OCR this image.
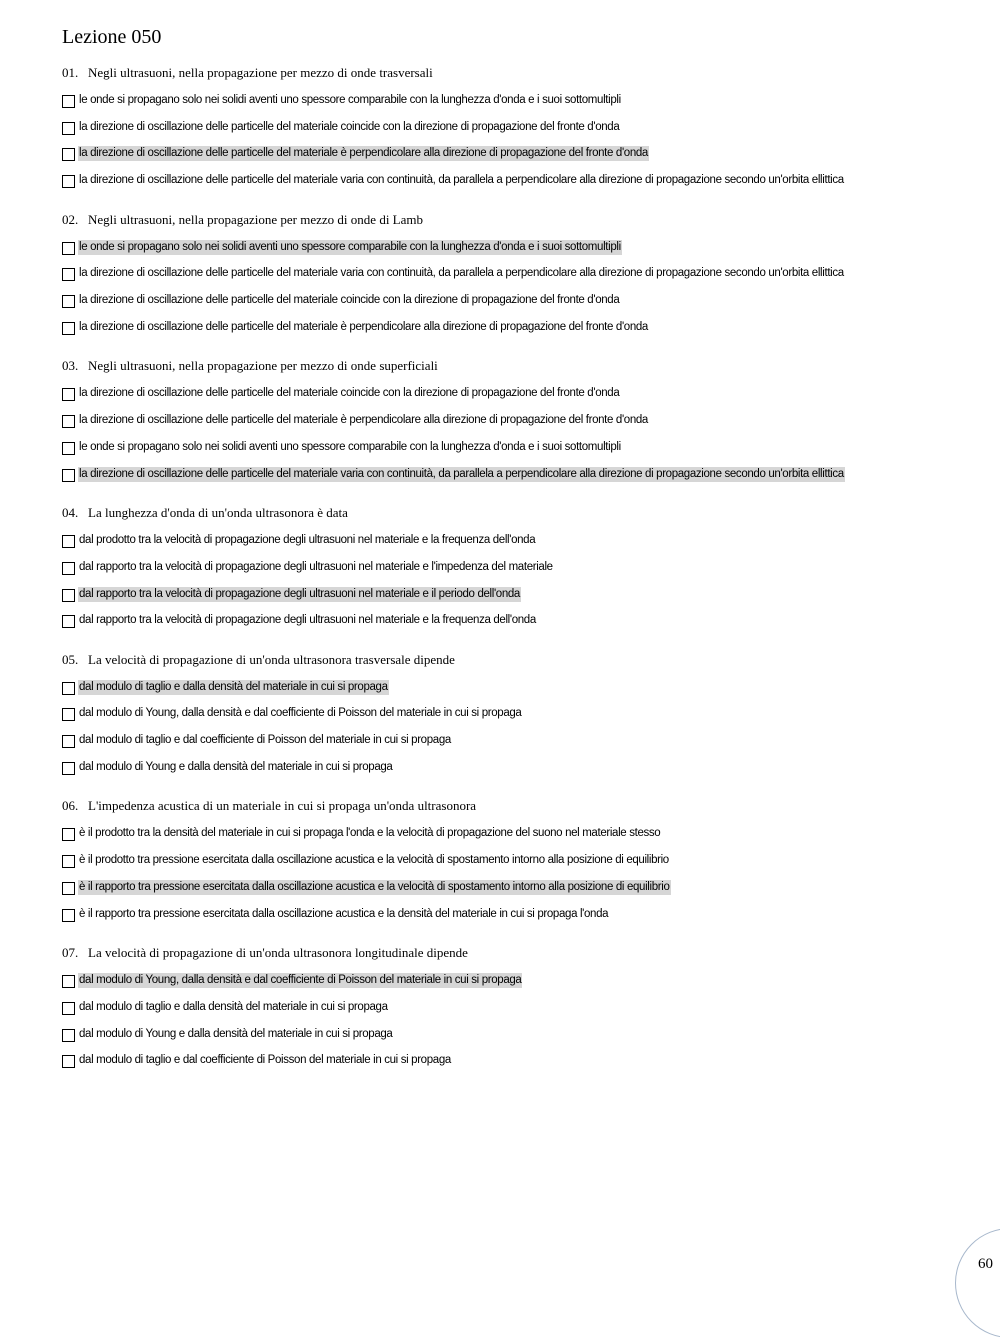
Lezione 050
01. Negli ultrasuoni, nella propagazione per mezzo di onde trasversali
le onde si propagano solo nei solidi aventi uno spessore comparabile con la lunghezza d'onda e i suoi sottomultipli
la direzione di oscillazione delle particelle del materiale coincide con la direzione di propagazione del fronte d'onda
la direzione di oscillazione delle particelle del materiale è perpendicolare alla direzione di propagazione del fronte d'onda
la direzione di oscillazione delle particelle del materiale varia con continuità, da parallela a perpendicolare alla direzione di propagazione secondo un'orbita ellittica
02. Negli ultrasuoni, nella propagazione per mezzo di onde di Lamb
le onde si propagano solo nei solidi aventi uno spessore comparabile con la lunghezza d'onda e i suoi sottomultipli
la direzione di oscillazione delle particelle del materiale varia con continuità, da parallela a perpendicolare alla direzione di propagazione secondo un'orbita ellittica
la direzione di oscillazione delle particelle del materiale coincide con la direzione di propagazione del fronte d'onda
la direzione di oscillazione delle particelle del materiale è perpendicolare alla direzione di propagazione del fronte d'onda
03. Negli ultrasuoni, nella propagazione per mezzo di onde superficiali
la direzione di oscillazione delle particelle del materiale coincide con la direzione di propagazione del fronte d'onda
la direzione di oscillazione delle particelle del materiale è perpendicolare alla direzione di propagazione del fronte d'onda
le onde si propagano solo nei solidi aventi uno spessore comparabile con la lunghezza d'onda e i suoi sottomultipli
la direzione di oscillazione delle particelle del materiale varia con continuità, da parallela a perpendicolare alla direzione di propagazione secondo un'orbita ellittica
04. La lunghezza d'onda di un'onda ultrasonora è data
dal prodotto tra la velocità di propagazione degli ultrasuoni nel materiale e la frequenza dell'onda
dal rapporto tra la velocità di propagazione degli ultrasuoni nel materiale e l'impedenza del materiale
dal rapporto tra la velocità di propagazione degli ultrasuoni nel materiale e il periodo dell'onda
dal rapporto tra la velocità di propagazione degli ultrasuoni nel materiale e la frequenza dell'onda
05. La velocità di propagazione di un'onda ultrasonora trasversale dipende
dal modulo di taglio e dalla densità del materiale in cui si propaga
dal modulo di Young, dalla densità e dal coefficiente di Poisson del materiale in cui si propaga
dal modulo di taglio e dal coefficiente di Poisson del materiale in cui si propaga
dal modulo di Young e dalla densità del materiale in cui si propaga
06. L'impedenza acustica di un materiale in cui si propaga un'onda ultrasonora
è il prodotto tra la densità del materiale in cui si propaga l'onda e la velocità di propagazione del suono nel materiale stesso
è il prodotto tra pressione esercitata dalla oscillazione acustica e la velocità di spostamento intorno alla posizione di equilibrio
è il rapporto tra pressione esercitata dalla oscillazione acustica e la velocità di spostamento intorno alla posizione di equilibrio
è il rapporto tra pressione esercitata dalla oscillazione acustica e la densità del materiale in cui si propaga l'onda
07. La velocità di propagazione di un'onda ultrasonora longitudinale dipende
dal modulo di Young, dalla densità e dal coefficiente di Poisson del materiale in cui si propaga
dal modulo di taglio e dalla densità del materiale in cui si propaga
dal modulo di Young e dalla densità del materiale in cui si propaga
dal modulo di taglio e dal coefficiente di Poisson del materiale in cui si propaga
60
